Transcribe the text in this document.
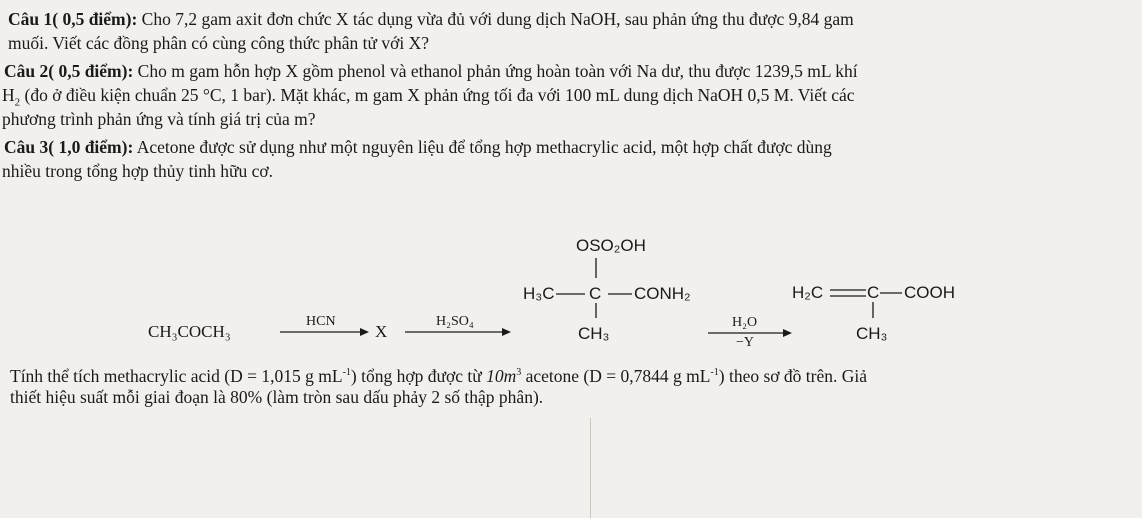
Câu 1( 0,5 điểm): Cho 7,2 gam axit đơn chức X tác dụng vừa đủ với dung dịch NaOH, sau phản ứng thu được 9,84 gam
muối. Viết các đồng phân có cùng công thức phân tử với X?
Câu 2( 0,5 điểm): Cho m gam hỗn hợp X gồm phenol và ethanol phản ứng hoàn toàn với Na dư, thu được 1239,5 mL khí
$H_2$ (đo ở điều kiện chuẩn 25 °C, 1 bar). Mặt khác, m gam X phản ứng tối đa với 100 mL dung dịch NaOH 0,5 M. Viết các
phương trình phản ứng và tính giá trị của m?
Câu 3( 1,0 điểm): Acetone được sử dụng như một nguyên liệu để tổng hợp methacrylic acid, một hợp chất được dùng
nhiều trong tổng hợp thủy tinh hữu cơ.
CH₃COCH₃
HCN
X
H₂SO₄
OSO₂OH
H₃C C CONH₂
CH₃
H₂O
−Y
H₂C	C COOH
CH₃
Tính thể tích methacrylic acid (D = 1,015 g $mL^{-1}$) tổng hợp được từ $10m^3$ acetone (D = 0,7844 g $mL^{-1}$) theo sơ đồ trên. Giả
thiết hiệu suất mỗi giai đoạn là 80% (làm tròn sau dấu phảy 2 số thập phân).
